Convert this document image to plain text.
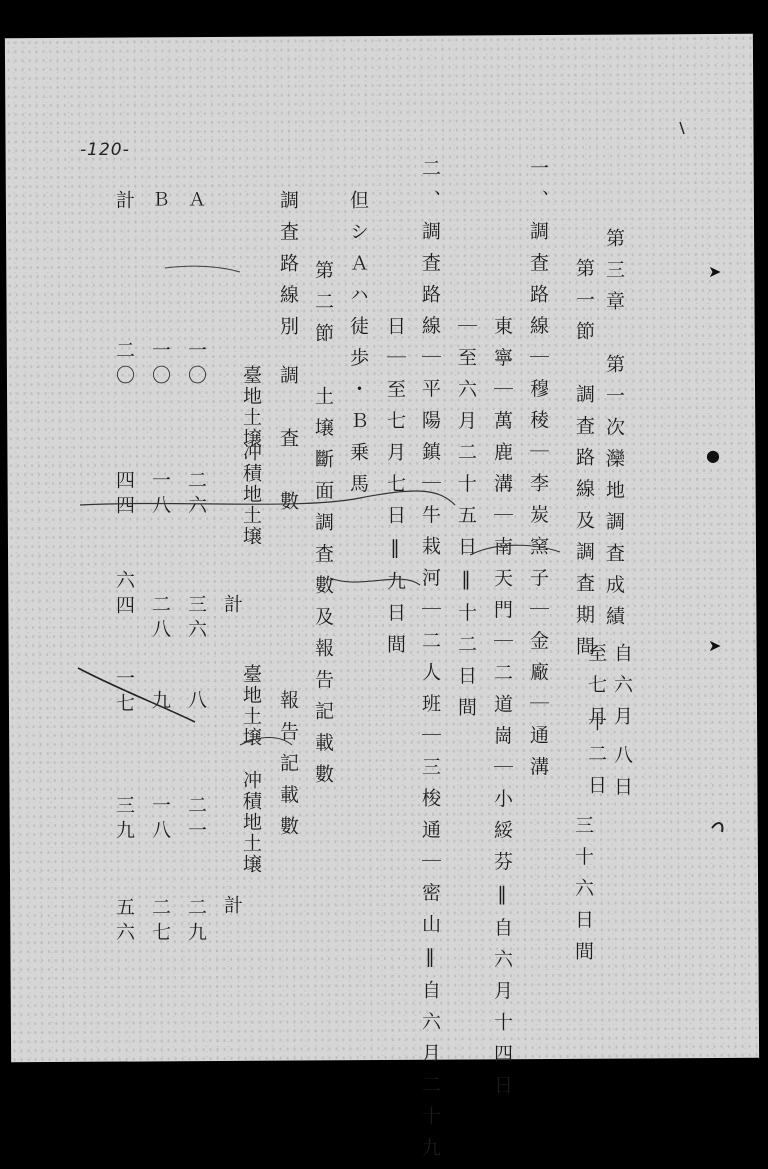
-120-

第三章　第一次灤地調査成績

第一節　調査路線及調査期間

自六月

至七月

八日

十二日

三十六日間

一、調査路線｜穆稜｜李炭窯子｜金廠｜通溝

東寧｜萬鹿溝｜南天門｜二道崗｜小綏芬‖自六月十四日

｜至六月二十五日‖十二日間

二、調査路線｜平陽鎮｜牛栽河｜二人班｜三梭通｜密山‖自六月二十九

日｜至七月七日‖九日間

但シＡハ徒歩・Ｂ乗馬

第二節　土壌斷面調査數及報告記載數

調査路線別

調　査　數

報告記載數

臺地土壌

冲積地土壌

計

臺地土壌

冲積地土壌

計

Ａ

Ｂ

計

一〇

二六

三六

一〇

一八

二八

二〇

四四

六四

八

二一

二九

九

一八

二七

一七

三九

五六

➤
●
➤
